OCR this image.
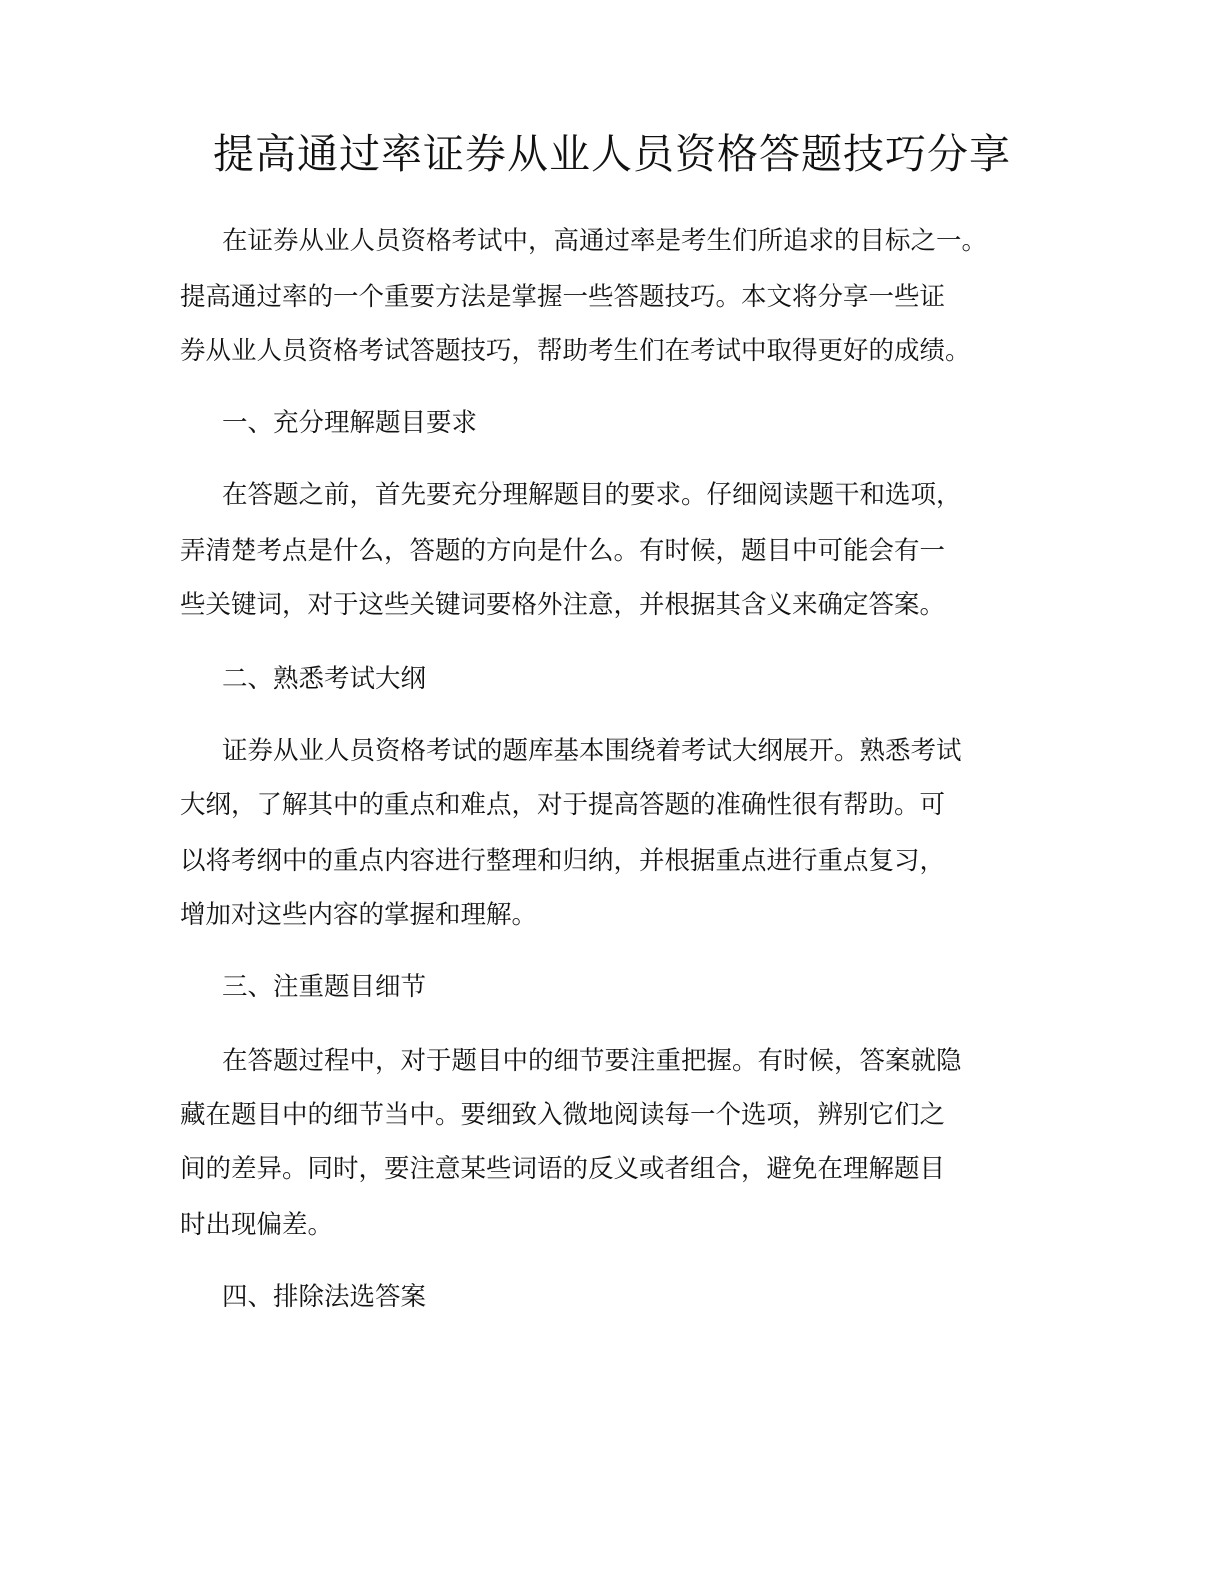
提高通过率证券从业人员资格答题技巧分享
在证券从业人员资格考试中，高通过率是考生们所追求的目标之一。
提高通过率的一个重要方法是掌握一些答题技巧。本文将分享一些证
券从业人员资格考试答题技巧，帮助考生们在考试中取得更好的成绩。
一、充分理解题目要求
在答题之前，首先要充分理解题目的要求。仔细阅读题干和选项，
弄清楚考点是什么，答题的方向是什么。有时候，题目中可能会有一
些关键词，对于这些关键词要格外注意，并根据其含义来确定答案。
二、熟悉考试大纲
证券从业人员资格考试的题库基本围绕着考试大纲展开。熟悉考试
大纲，了解其中的重点和难点，对于提高答题的准确性很有帮助。可
以将考纲中的重点内容进行整理和归纳，并根据重点进行重点复习，
增加对这些内容的掌握和理解。
三、注重题目细节
在答题过程中，对于题目中的细节要注重把握。有时候，答案就隐
藏在题目中的细节当中。要细致入微地阅读每一个选项，辨别它们之
间的差异。同时，要注意某些词语的反义或者组合，避免在理解题目
时出现偏差。
四、排除法选答案
